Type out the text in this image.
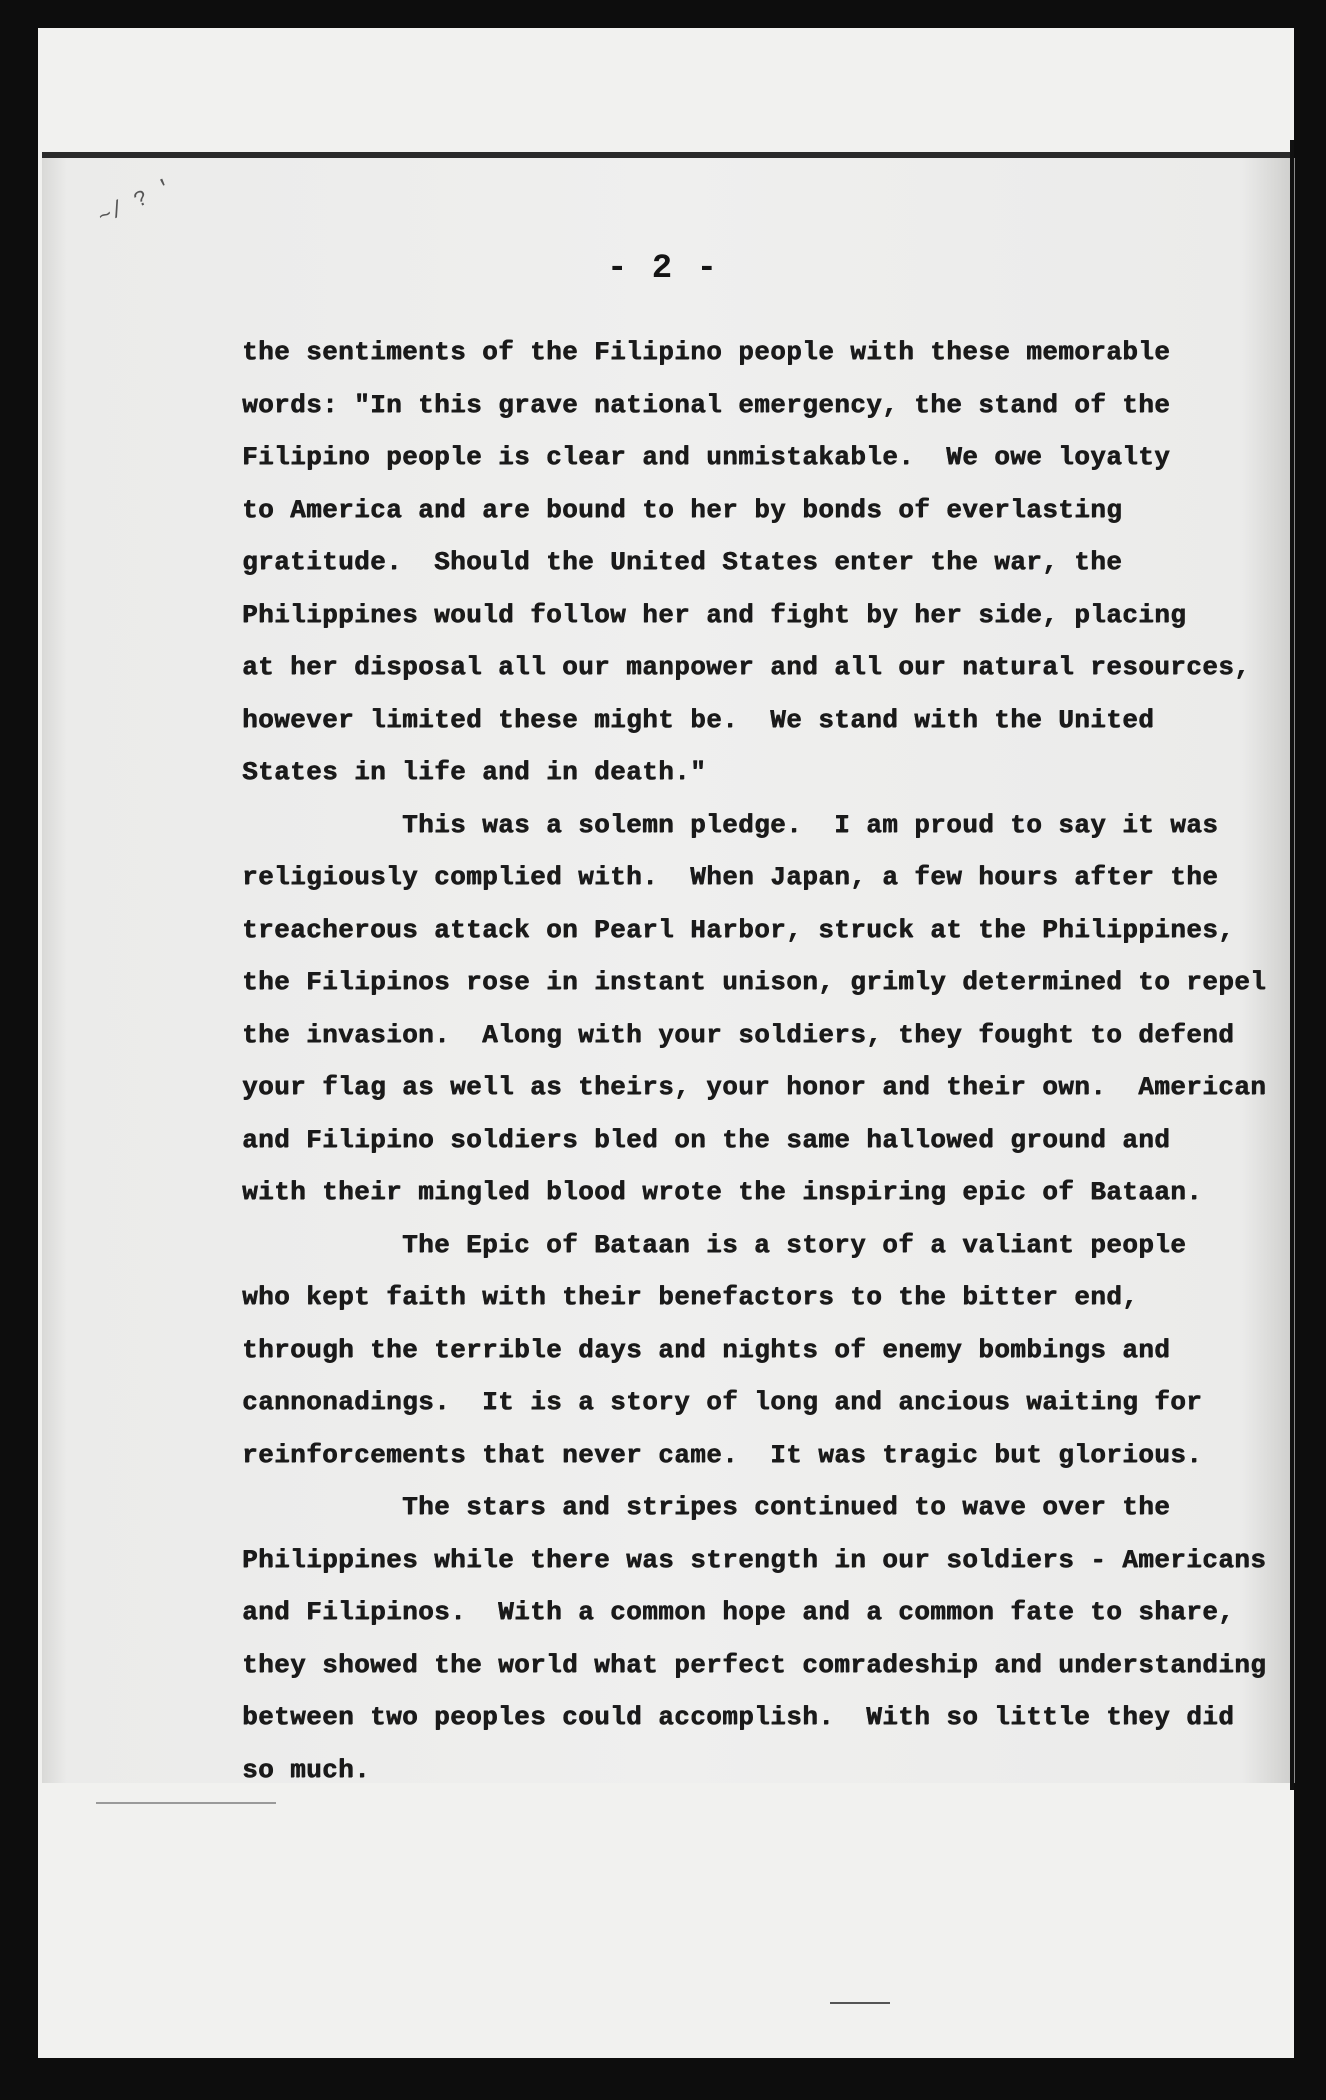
~/ ? '
- 2 -
the sentiments of the Filipino people with these memorable
words: "In this grave national emergency, the stand of the
Filipino people is clear and unmistakable.  We owe loyalty
to America and are bound to her by bonds of everlasting
gratitude.  Should the United States enter the war, the
Philippines would follow her and fight by her side, placing
at her disposal all our manpower and all our natural resources,
however limited these might be.  We stand with the United
States in life and in death."
This was a solemn pledge.  I am proud to say it was
religiously complied with.  When Japan, a few hours after the
treacherous attack on Pearl Harbor, struck at the Philippines,
the Filipinos rose in instant unison, grimly determined to repel
the invasion.  Along with your soldiers, they fought to defend
your flag as well as theirs, your honor and their own.  American
and Filipino soldiers bled on the same hallowed ground and
with their mingled blood wrote the inspiring epic of Bataan.
The Epic of Bataan is a story of a valiant people
who kept faith with their benefactors to the bitter end,
through the terrible days and nights of enemy bombings and
cannonadings.  It is a story of long and ancious waiting for
reinforcements that never came.  It was tragic but glorious.
The stars and stripes continued to wave over the
Philippines while there was strength in our soldiers - Americans
and Filipinos.  With a common hope and a common fate to share,
they showed the world what perfect comradeship and understanding
between two peoples could accomplish.  With so little they did
so much.
